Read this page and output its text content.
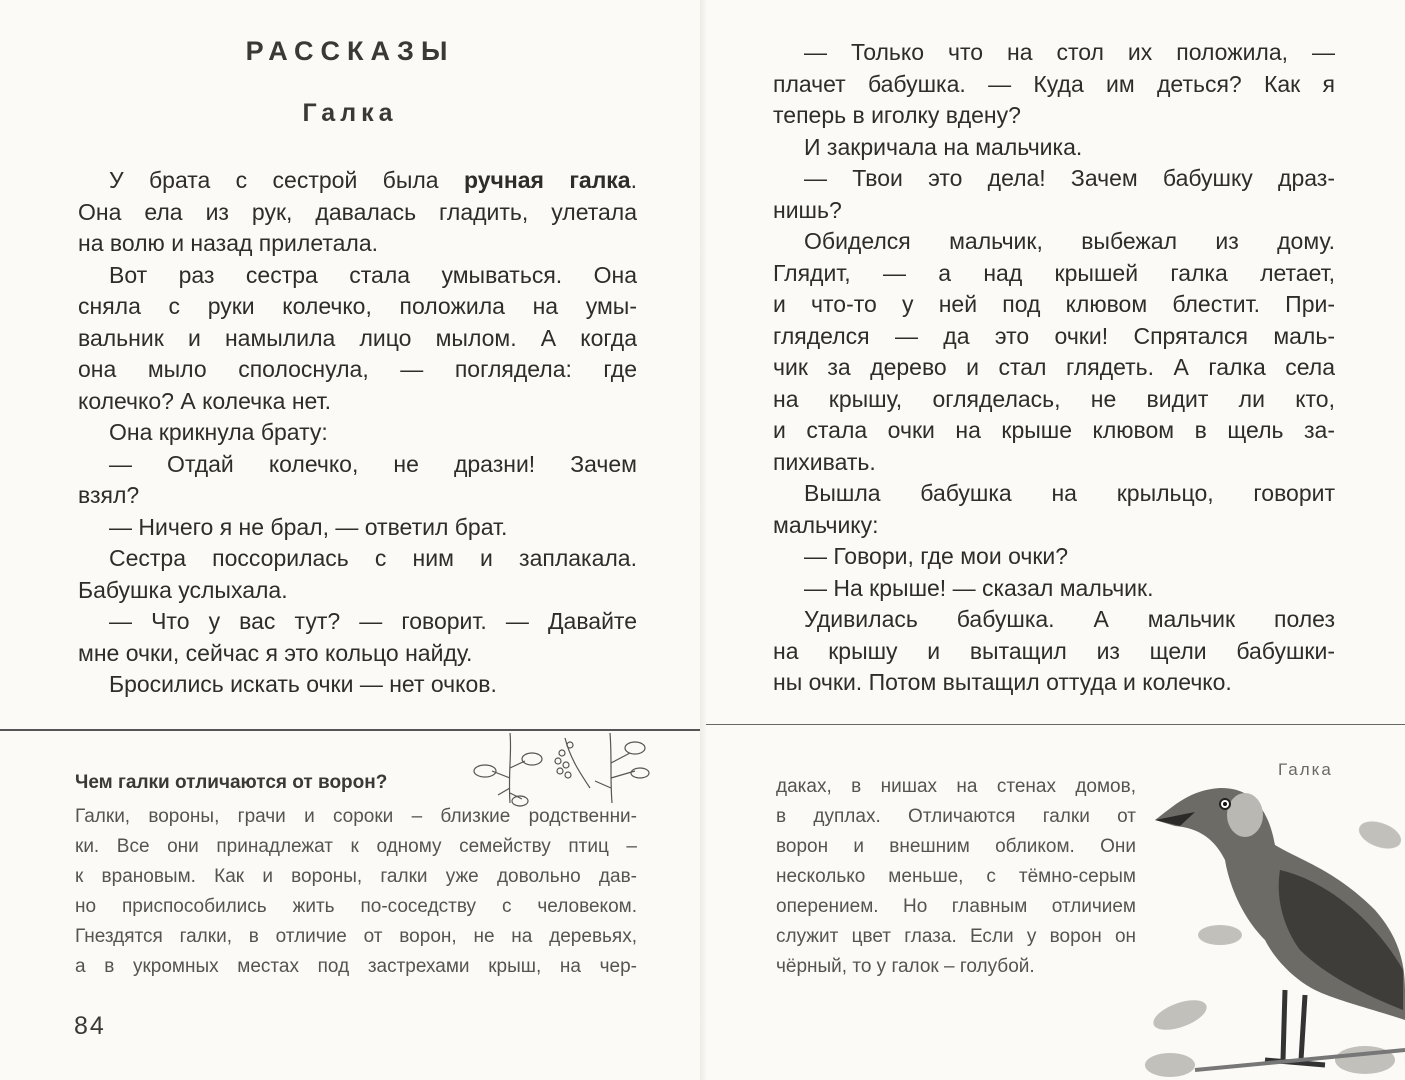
РАССКАЗЫ
Галка
У брата с сестрой была ручная галка.
Она ела из рук, давалась гладить, улетала
на волю и назад прилетала.
Вот раз сестра стала умываться. Она
сняла с руки колечко, положила на умы-
вальник и намылила лицо мылом. А когда
она мыло сполоснула, — поглядела: где
колечко? А колечка нет.
Она крикнула брату:
— Отдай колечко, не дразни! Зачем
взял?
— Ничего я не брал, — ответил брат.
Сестра поссорилась с ним и заплакала.
Бабушка услыхала.
— Что у вас тут? — говорит. — Давайте
мне очки, сейчас я это кольцо найду.
Бросились искать очки — нет очков.
— Только что на стол их положила, —
плачет бабушка. — Куда им деться? Как я
теперь в иголку вдену?
И закричала на мальчика.
— Твои это дела! Зачем бабушку драз-
нишь?
Обиделся мальчик, выбежал из дому.
Глядит, — а над крышей галка летает,
и что-то у ней под клювом блестит. При-
гляделся — да это очки! Спрятался маль-
чик за дерево и стал глядеть. А галка села
на крышу, огляделась, не видит ли кто,
и стала очки на крыше клювом в щель за-
пихивать.
Вышла бабушка на крыльцо, говорит
мальчику:
— Говори, где мои очки?
— На крыше! — сказал мальчик.
Удивилась бабушка. А мальчик полез
на крышу и вытащил из щели бабушки-
ны очки. Потом вытащил оттуда и колечко.
Чем галки отличаются от ворон?
Галки, вороны, грачи и сороки – близкие родственни-
ки. Все они принадлежат к одному семейству птиц –
к врановым. Как и вороны, галки уже довольно дав-
но приспособились жить по-соседству с человеком.
Гнездятся галки, в отличие от ворон, не на деревьях,
а в укромных местах под застрехами крыш, на чер-
даках, в нишах на стенах домов,
в дуплах. Отличаются галки от
ворон и внешним обликом. Они
несколько меньше, с тёмно-серым
оперением. Но главным отличием
служит цвет глаза. Если у ворон он
чёрный, то у галок – голубой.
Галка
84
